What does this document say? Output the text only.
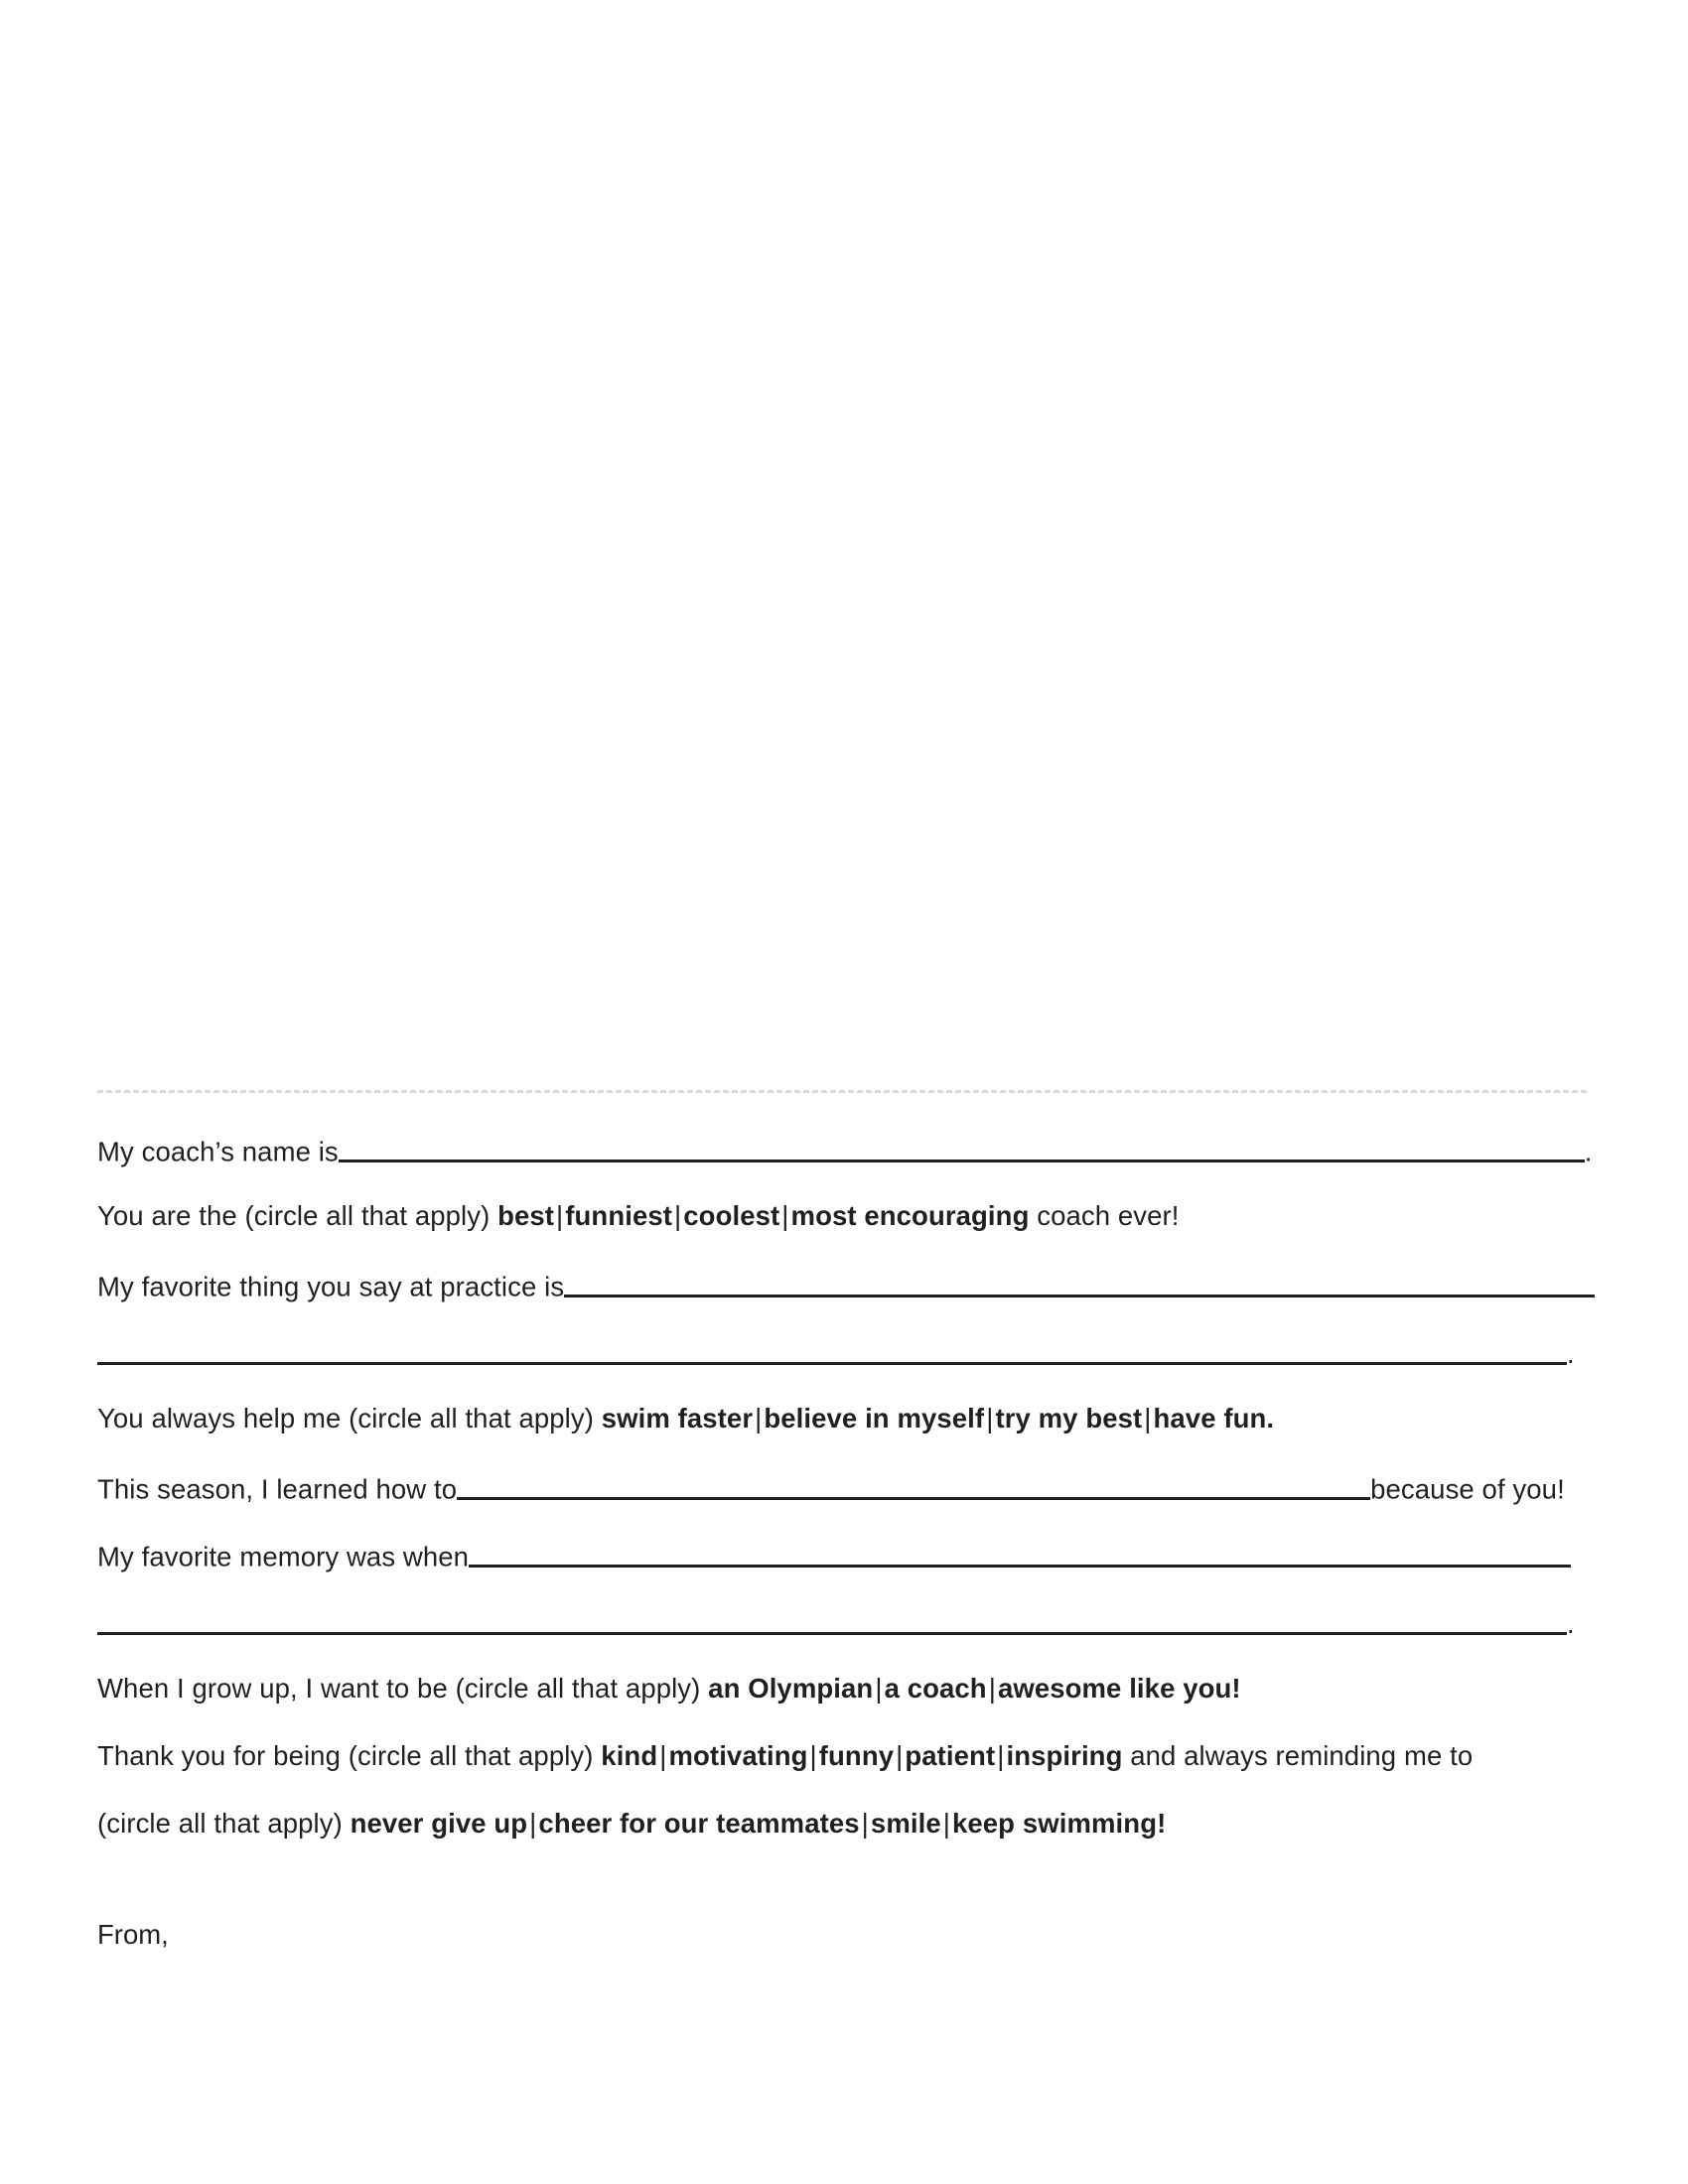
My coach’s name is	.
You are the (circle all that apply) best|funniest|coolest|most encouraging coach ever!
My favorite thing you say at practice is
.
You always help me (circle all that apply) swim faster|believe in myself|try my best|have fun.
This season, I learned how to	because of you!
My favorite memory was when
.
When I grow up, I want to be (circle all that apply) an Olympian|a coach|awesome like you!
Thank you for being (circle all that apply) kind|motivating|funny|patient|inspiring and always reminding me to
(circle all that apply) never give up|cheer for our teammates|smile|keep swimming!
From,
